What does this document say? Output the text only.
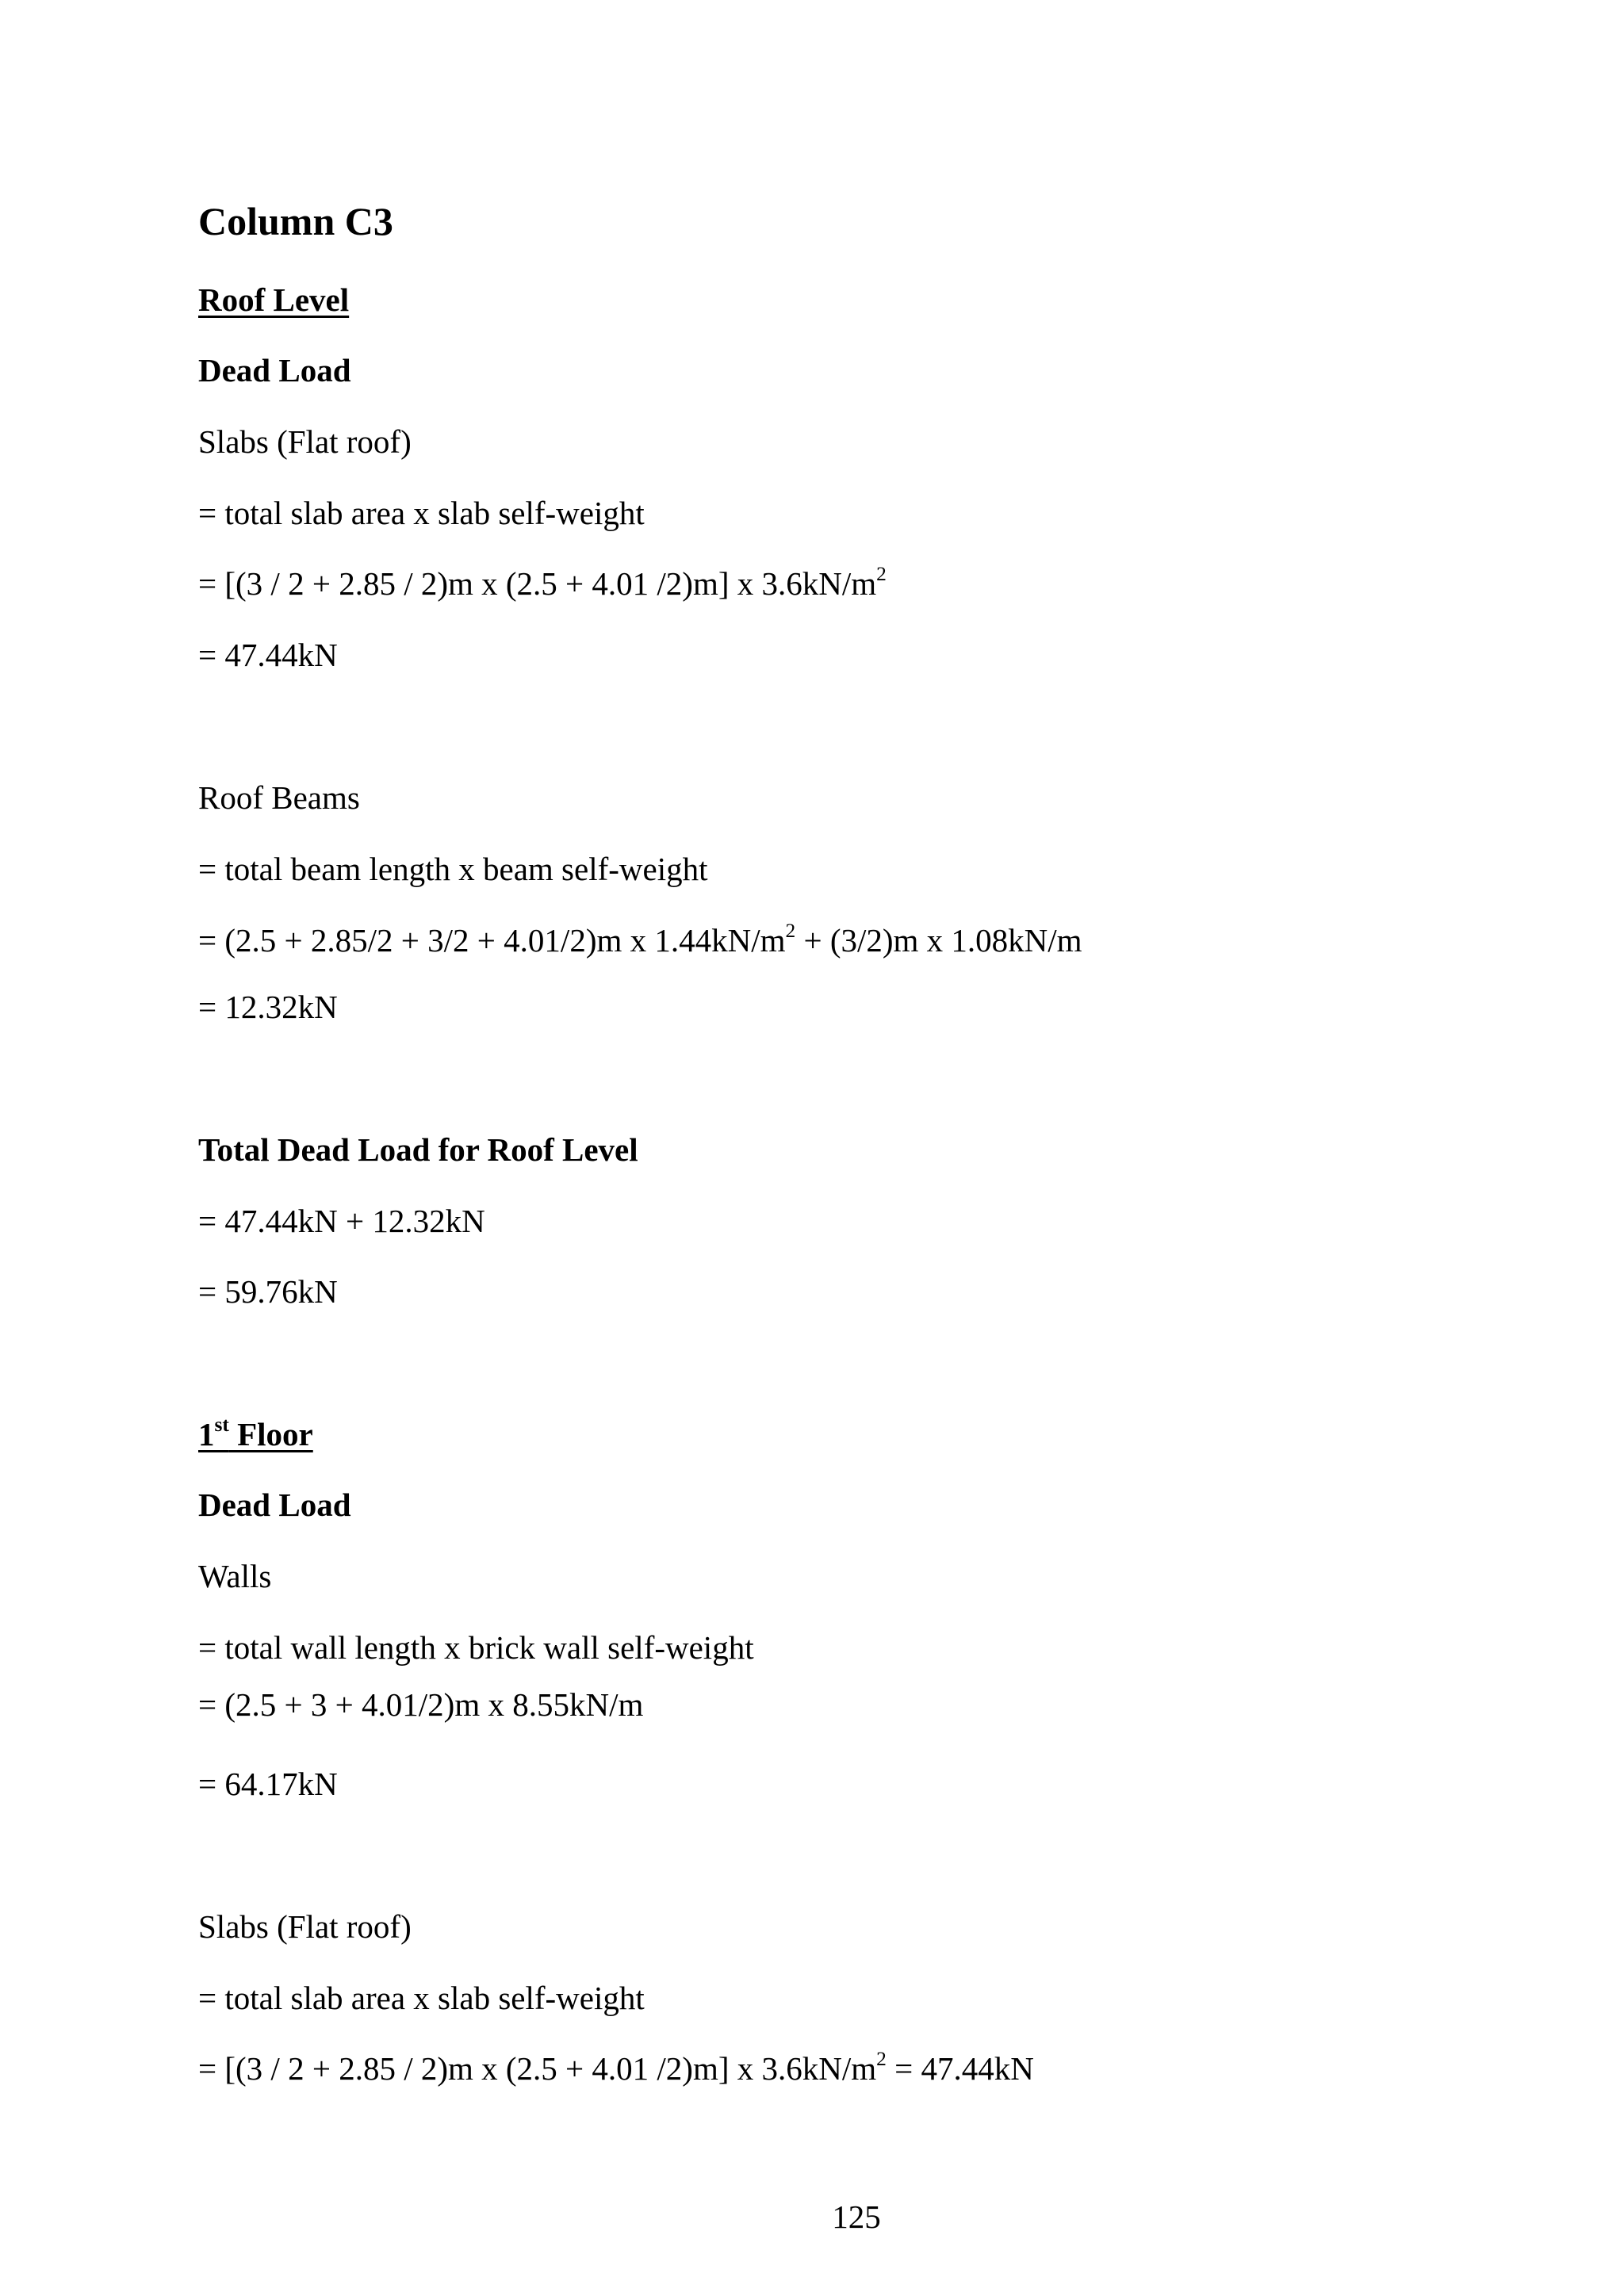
Column C3
Roof Level
Dead Load
Slabs (Flat roof)
= total slab area x slab self-weight
= [(3 / 2 + 2.85 / 2)m x (2.5 + 4.01 /2)m] x $3.6kN/m^2$
= 47.44kN
Roof Beams
= total beam length x beam self-weight
= (2.5 + 2.85/2 + 3/2 + 4.01/2)m x $1.44kN/m^2 + (3/2)m$ x 1.08kN/m
= 12.32kN
Total Dead Load for Roof Level
= 47.44kN + 12.32kN
= 59.76kN
1st Floor
Dead Load
Walls
= total wall length x brick wall self-weight
= (2.5 + 3 + 4.01/2)m x 8.55kN/m
= 64.17kN
Slabs (Flat roof)
= total slab area x slab self-weight
= [(3 / 2 + 2.85 / 2)m x (2.5 + 4.01 /2)m] x $3.6kN/m^2 = 47.44kN$
125
